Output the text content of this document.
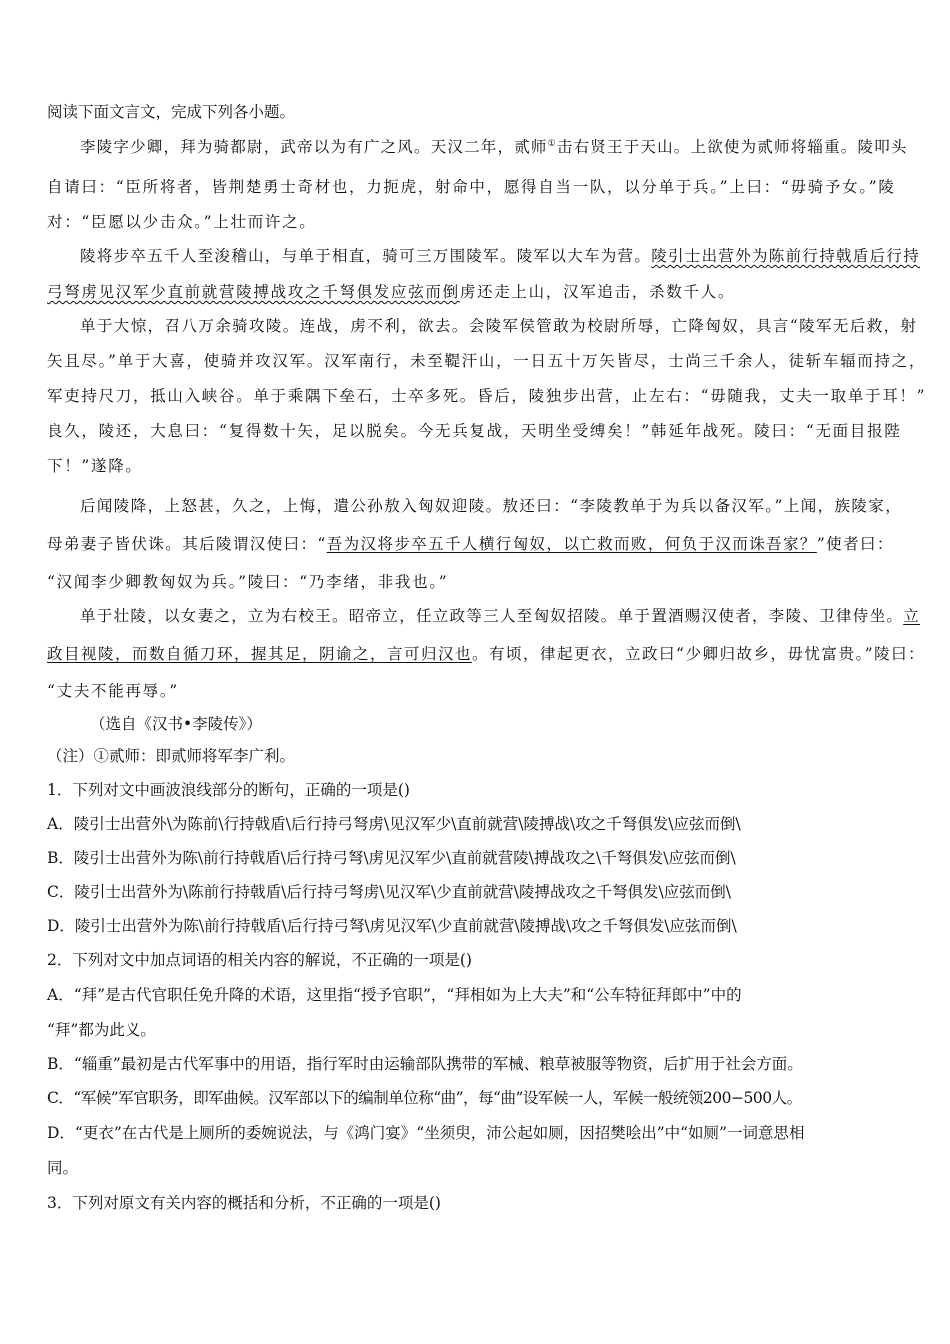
阅读下面文言文，完成下列各小题。
李陵字少卿，拜为骑都尉，武帝以为有广之风。天汉二年，贰师①击右贤王于天山。上欲使为贰师将辎重。陵叩头
自请曰：“臣所将者，皆荆楚勇士奇材也，力扼虎，射命中，愿得自当一队，以分单于兵。”上曰：“毋骑予女。”陵
对：“臣愿以少击众。”上壮而许之。
陵将步卒五千人至浚稽山，与单于相直，骑可三万围陵军。陵军以大车为营。陵引士出营外为陈前行持戟盾后行持
弓弩虏见汉军少直前就营陵搏战攻之千弩俱发应弦而倒虏还走上山，汉军追击，杀数千人。
单于大惊，召八万余骑攻陵。连战，虏不利，欲去。会陵军侯管敢为校尉所辱，亡降匈奴，具言“陵军无后救，射
矢且尽。”单于大喜，使骑并攻汉军。汉军南行，未至鞮汗山，一日五十万矢皆尽，士尚三千余人，徒斩车辐而持之，
军吏持尺刀，抵山入峡谷。单于乘隅下垒石，士卒多死。昏后，陵独步出营，止左右：“毋随我，丈夫一取单于耳！”
良久，陵还，大息曰：“复得数十矢，足以脱矣。今无兵复战，天明坐受缚矣！”韩延年战死。陵曰：“无面目报陛
下！”遂降。
后闻陵降，上怒甚，久之，上悔，遣公孙敖入匈奴迎陵。敖还曰：“李陵教单于为兵以备汉军。”上闻，族陵家，
母弟妻子皆伏诛。其后陵谓汉使曰：“吾为汉将步卒五千人横行匈奴，以亡救而败，何负于汉而诛吾家？”使者曰：
“汉闻李少卿教匈奴为兵。”陵曰：“乃李绪，非我也。”
单于壮陵，以女妻之，立为右校王。昭帝立，任立政等三人至匈奴招陵。单于置酒赐汉使者，李陵、卫律侍坐。立
政目视陵，而数自循刀环，握其足，阴谕之，言可归汉也。有顷，律起更衣，立政曰“少卿归故乡，毋忧富贵。”陵曰：
“丈夫不能再辱。”
（选自《汉书•李陵传》）
（注）①贰师：即贰师将军李广利。
1．下列对文中画波浪线部分的断句，正确的一项是()
A．陵引士出营外\为陈前\行持戟盾\后行持弓弩虏\见汉军少\直前就营\陵搏战\攻之千弩俱发\应弦而倒\
B．陵引士出营外为陈\前行持戟盾\后行持弓弩\虏见汉军少\直前就营陵\搏战攻之\千弩俱发\应弦而倒\
C．陵引士出营外为\陈前行持戟盾\后行持弓弩虏\见汉军\少直前就营\陵搏战攻之千弩俱发\应弦而倒\
D．陵引士出营外为陈\前行持戟盾\后行持弓弩\虏见汉军\少直前就营\陵搏战\攻之千弩俱发\应弦而倒\
2．下列对文中加点词语的相关内容的解说，不正确的一项是()
A．“拜”是古代官职任免升降的术语，这里指“授予官职”，“拜相如为上大夫”和“公车特征拜郎中”中的
“拜”都为此义。
B．“辎重”最初是古代军事中的用语，指行军时由运输部队携带的军械、粮草被服等物资，后扩用于社会方面。
C．“军候”军官职务，即军曲候。汉军部以下的编制单位称“曲”，每“曲”设军候一人，军候一般统领200−500人。
D．“更衣”在古代是上厕所的委婉说法，与《鸿门宴》“坐须臾，沛公起如厕，因招樊哙出”中“如厕”一词意思相
同。
3．下列对原文有关内容的概括和分析，不正确的一项是()
